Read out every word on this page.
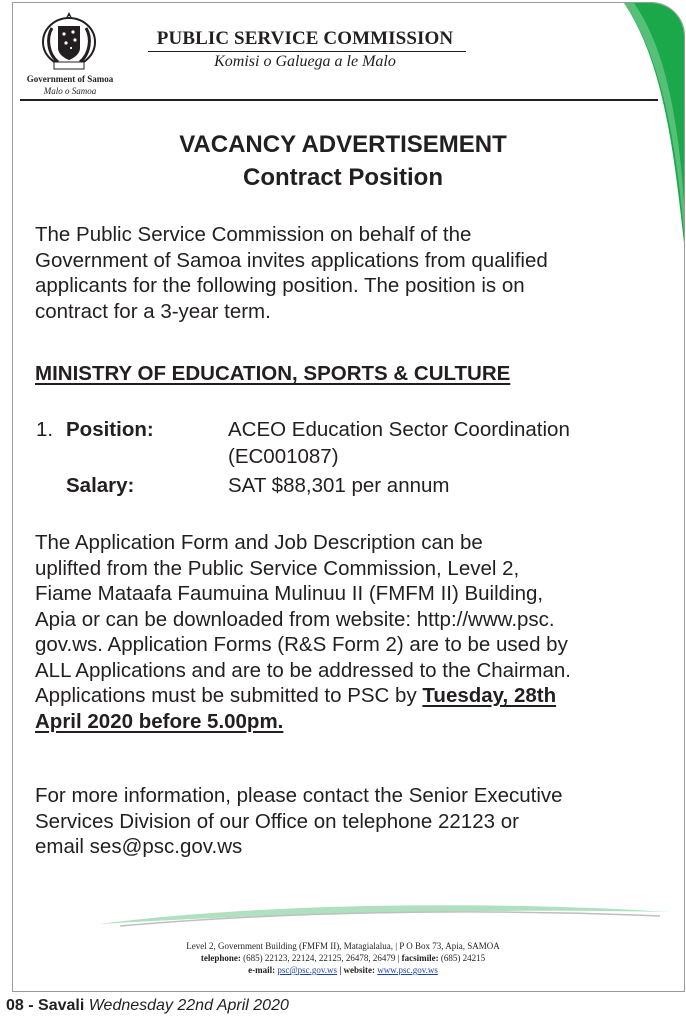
Government of Samoa
Malo o Samoa
PUBLIC SERVICE COMMISSION
Komisi o Galuega a le Malo
VACANCY ADVERTISEMENT
Contract Position
The Public Service Commission on behalf of the
Government of Samoa invites applications from qualified
applicants for the following position. The position is on
contract for a 3-year term.
MINISTRY OF EDUCATION, SPORTS & CULTURE
1. Position:	ACEO Education Sector Coordination
(EC001087)
Salary:	SAT $88,301 per annum
The Application Form and Job Description can be
uplifted from the Public Service Commission, Level 2,
Fiame Mataafa Faumuina Mulinuu II (FMFM II) Building,
Apia or can be downloaded from website: http://www.psc.
gov.ws. Application Forms (R&S Form 2) are to be used by
ALL Applications and are to be addressed to the Chairman.
Applications must be submitted to PSC by Tuesday, 28th
April 2020 before 5.00pm.
For more information, please contact the Senior Executive
Services Division of our Office on telephone 22123 or
email ses@psc.gov.ws
Level 2, Government Building (FMFM II), Matagialalua, | P O Box 73, Apia, SAMOA
telephone: (685) 22123, 22124, 22125, 26478, 26479 | facsimile: (685) 24215
e-mail: psc@psc.gov.ws | website: www.psc.gov.ws
08 - Savali Wednesday 22nd April 2020
